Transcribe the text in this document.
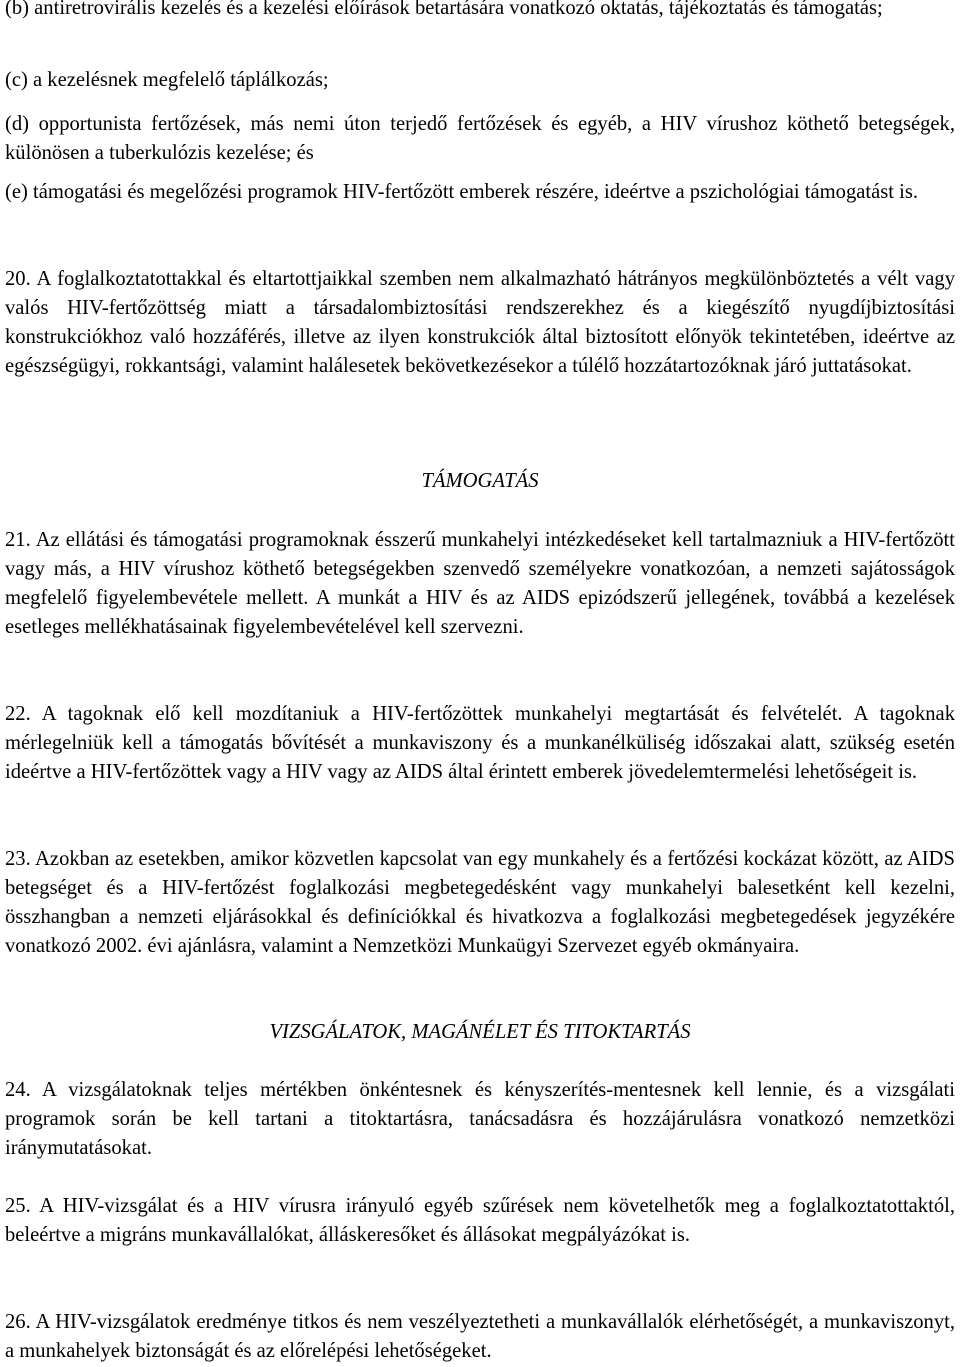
(b) antiretrovirális kezelés és a kezelési előírások betartására vonatkozó oktatás, tájékoztatás és támogatás;

(c) a kezelésnek megfelelő táplálkozás;

(d) opportunista fertőzések, más nemi úton terjedő fertőzések és egyéb, a HIV vírushoz köthető betegségek, különösen a tuberkulózis kezelése; és

(e) támogatási és megelőzési programok HIV-fertőzött emberek részére, ideértve a pszichológiai támogatást is.

20. A foglalkoztatottakkal és eltartottjaikkal szemben nem alkalmazható hátrányos megkülönböztetés a vélt vagy valós HIV-fertőzöttség miatt a társadalombiztosítási rendszerekhez és a kiegészítő nyugdíjbiztosítási konstrukciókhoz való hozzáférés, illetve az ilyen konstrukciók által biztosított előnyök tekintetében, ideértve az egészségügyi, rokkantsági, valamint halálesetek bekövetkezésekor a túlélő hozzátartozóknak járó juttatásokat.

TÁMOGATÁS

21. Az ellátási és támogatási programoknak ésszerű munkahelyi intézkedéseket kell tartalmazniuk a HIV-fertőzött vagy más, a HIV vírushoz köthető betegségekben szenvedő személyekre vonatkozóan, a nemzeti sajátosságok megfelelő figyelembevétele mellett. A munkát a HIV és az AIDS epizódszerű jellegének, továbbá a kezelések esetleges mellékhatásainak figyelembevételével kell szervezni.

22. A tagoknak elő kell mozdítaniuk a HIV-fertőzöttek munkahelyi megtartását és felvételét. A tagoknak mérlegelniük kell a támogatás bővítését a munkaviszony és a munkanélküliség időszakai alatt, szükség esetén ideértve a HIV-fertőzöttek vagy a HIV vagy az AIDS által érintett emberek jövedelemtermelési lehetőségeit is.

23. Azokban az esetekben, amikor közvetlen kapcsolat van egy munkahely és a fertőzési kockázat között, az AIDS betegséget és a HIV-fertőzést foglalkozási megbetegedésként vagy munkahelyi balesetként kell kezelni, összhangban a nemzeti eljárásokkal és definíciókkal és hivatkozva a foglalkozási megbetegedések jegyzékére vonatkozó 2002. évi ajánlásra, valamint a Nemzetközi Munkaügyi Szervezet egyéb okmányaira.

VIZSGÁLATOK, MAGÁNÉLET ÉS TITOKTARTÁS

24. A vizsgálatoknak teljes mértékben önkéntesnek és kényszerítés-mentesnek kell lennie, és a vizsgálati programok során be kell tartani a titoktartásra, tanácsadásra és hozzájárulásra vonatkozó nemzetközi iránymutatásokat.

25. A HIV-vizsgálat és a HIV vírusra irányuló egyéb szűrések nem követelhetők meg a foglalkoztatottaktól, beleértve a migráns munkavállalókat, álláskeresőket és állásokat megpályázókat is.

26. A HIV-vizsgálatok eredménye titkos és nem veszélyeztetheti a munkavállalók elérhetőségét, a munkaviszonyt, a munkahelyek biztonságát és az előrelépési lehetőségeket.
